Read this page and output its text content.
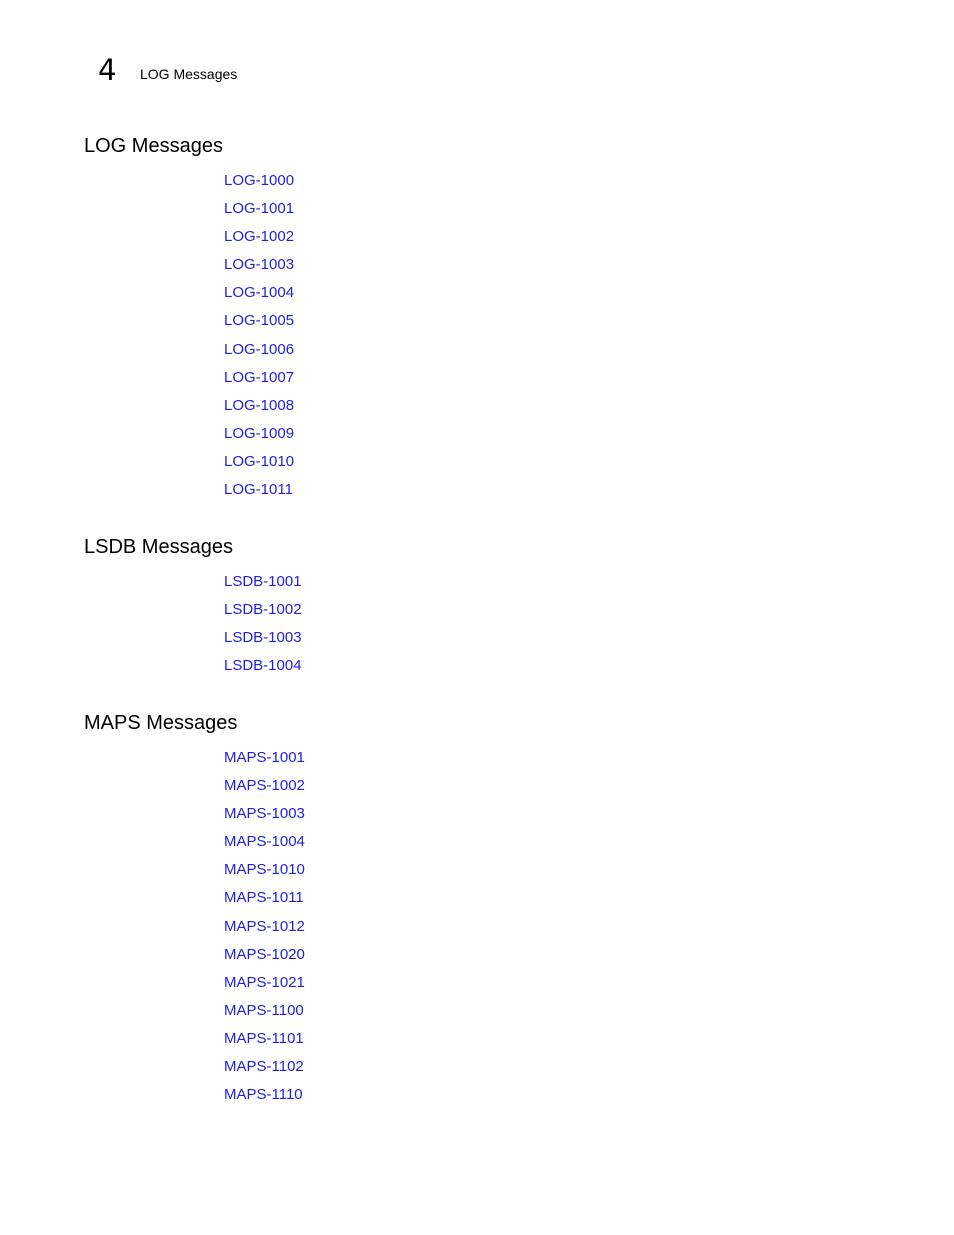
4 LOG Messages
LOG Messages
LOG-1000
LOG-1001
LOG-1002
LOG-1003
LOG-1004
LOG-1005
LOG-1006
LOG-1007
LOG-1008
LOG-1009
LOG-1010
LOG-1011
LSDB Messages
LSDB-1001
LSDB-1002
LSDB-1003
LSDB-1004
MAPS Messages
MAPS-1001
MAPS-1002
MAPS-1003
MAPS-1004
MAPS-1010
MAPS-1011
MAPS-1012
MAPS-1020
MAPS-1021
MAPS-1100
MAPS-1101
MAPS-1102
MAPS-1110
